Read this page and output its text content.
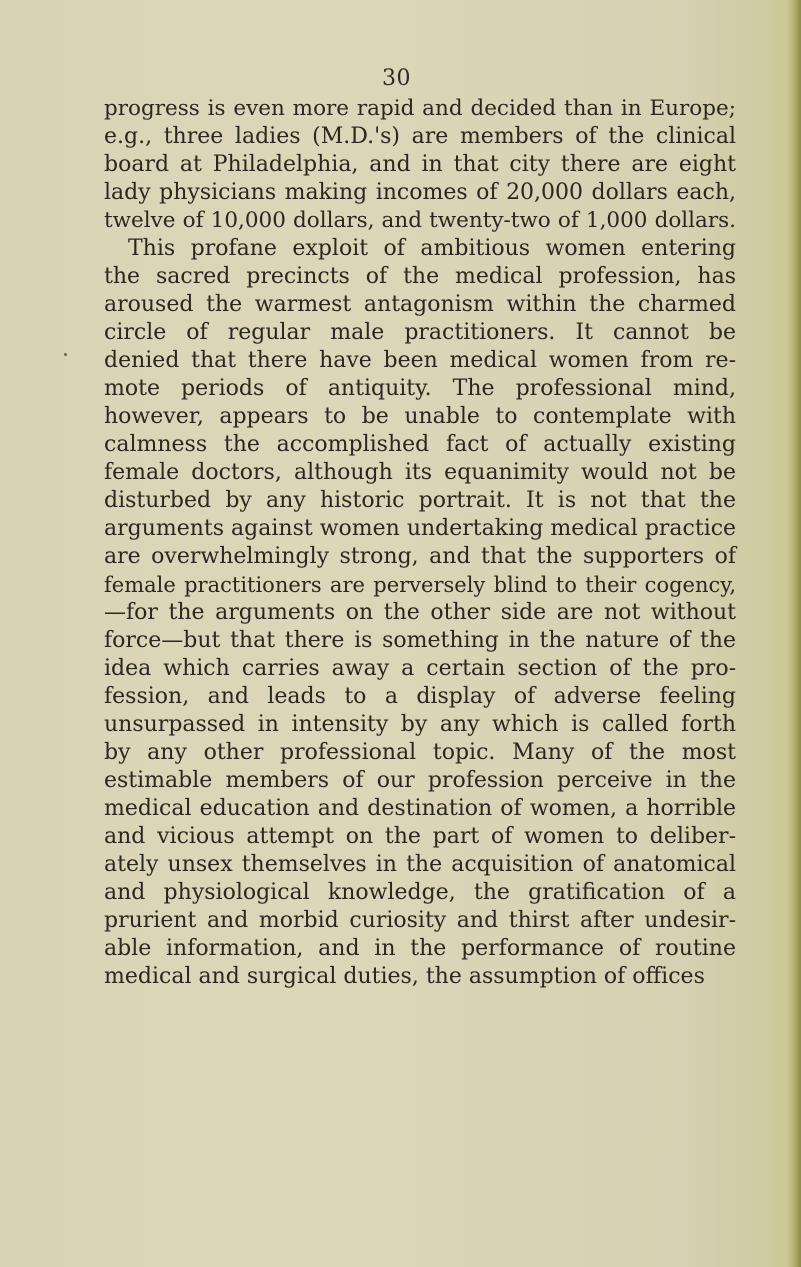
30
progress is even more rapid and decided than in Europe;
e.g., three ladies (M.D.'s) are members of the clinical
board at Philadelphia, and in that city there are eight
lady physicians making incomes of 20,000 dollars each,
twelve of 10,000 dollars, and twenty-two of 1,000 dollars.
This profane exploit of ambitious women entering
the sacred precincts of the medical profession, has
aroused the warmest antagonism within the charmed
circle of regular male practitioners. It cannot be
denied that there have been medical women from re-
mote periods of antiquity. The professional mind,
however, appears to be unable to contemplate with
calmness the accomplished fact of actually existing
female doctors, although its equanimity would not be
disturbed by any historic portrait. It is not that the
arguments against women undertaking medical practice
are overwhelmingly strong, and that the supporters of
female practitioners are perversely blind to their cogency,
—for the arguments on the other side are not without
force—but that there is something in the nature of the
idea which carries away a certain section of the pro-
fession, and leads to a display of adverse feeling
unsurpassed in intensity by any which is called forth
by any other professional topic. Many of the most
estimable members of our profession perceive in the
medical education and destination of women, a horrible
and vicious attempt on the part of women to deliber-
ately unsex themselves in the acquisition of anatomical
and physiological knowledge, the gratification of a
prurient and morbid curiosity and thirst after undesir-
able information, and in the performance of routine
medical and surgical duties, the assumption of offices
